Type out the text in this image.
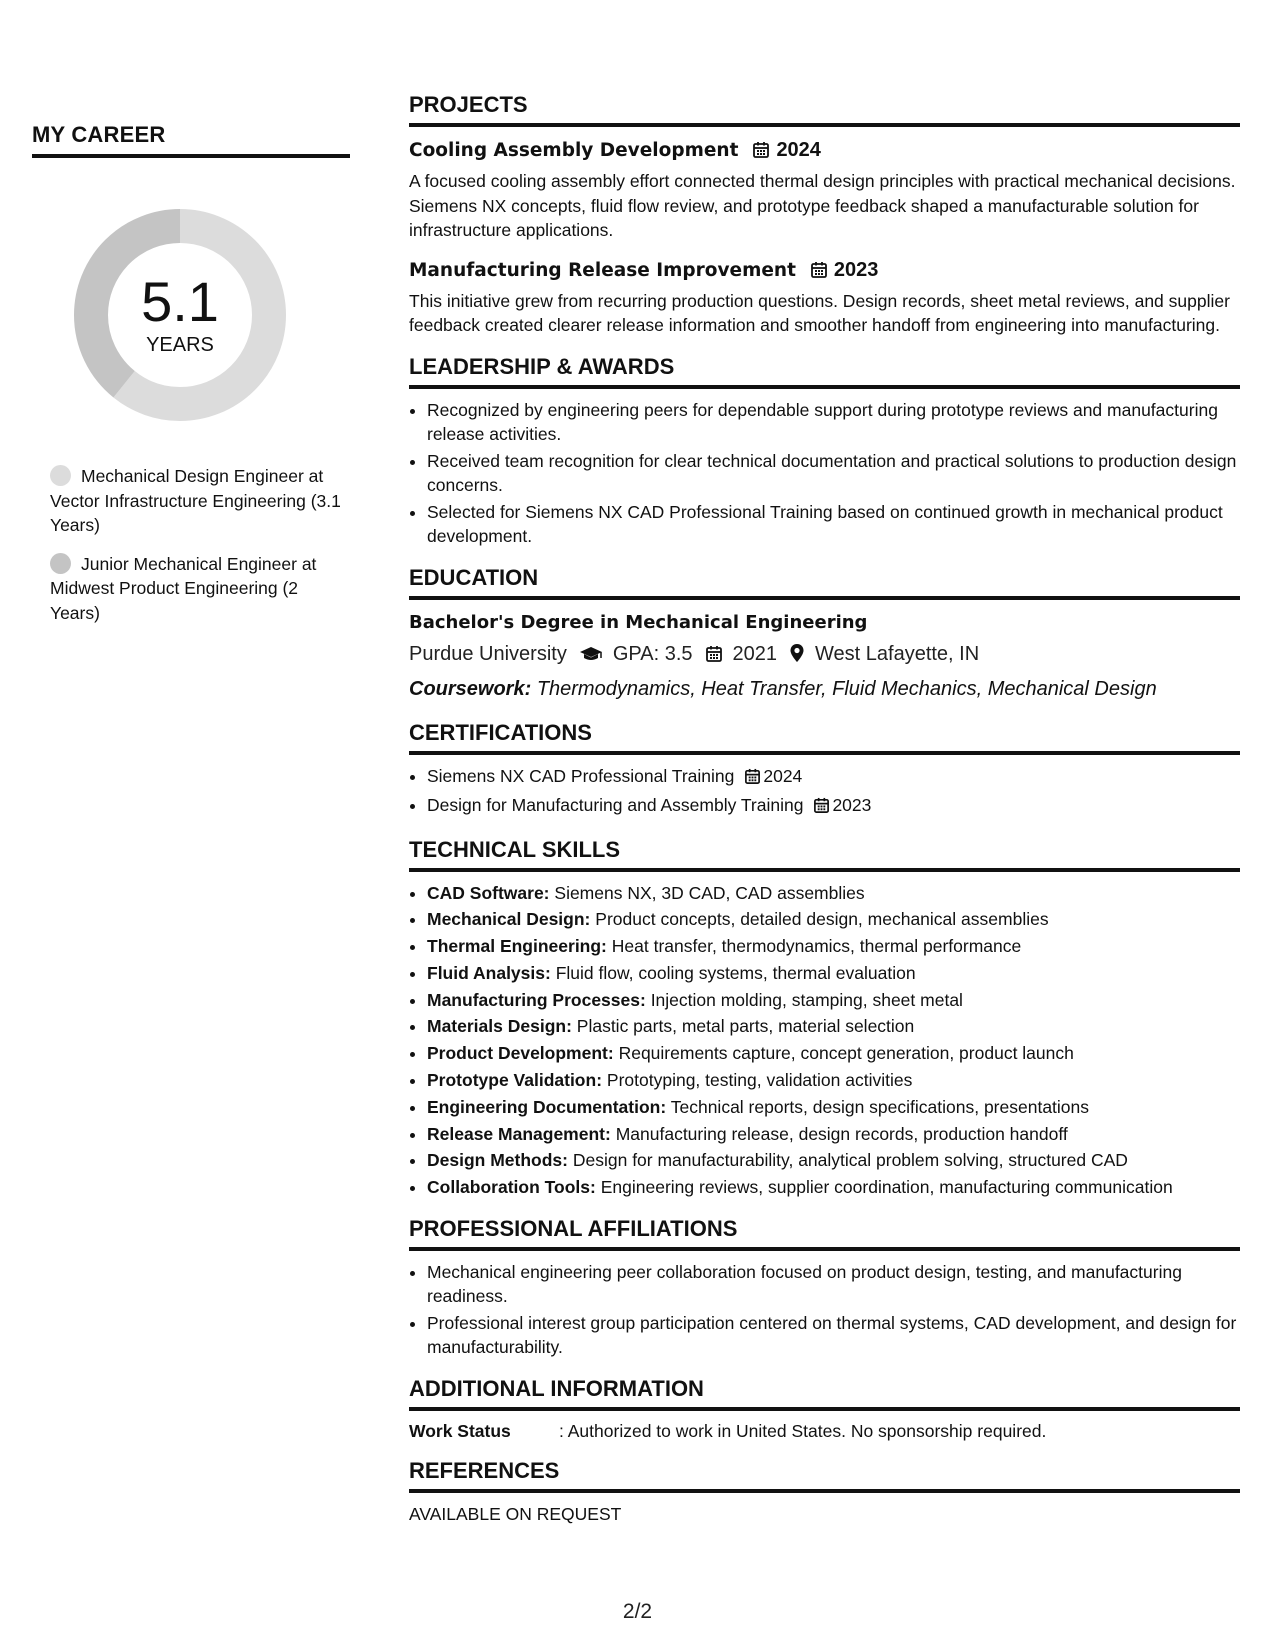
MY CAREER
5.1
YEARS
Mechanical Design Engineer at Vector Infrastructure Engineering (3.1 Years)
Junior Mechanical Engineer at Midwest Product Engineering (2 Years)
PROJECTS
Cooling Assembly Development 2024

A focused cooling assembly effort connected thermal design principles with practical mechanical decisions. Siemens NX concepts, fluid flow review, and prototype feedback shaped a manufacturable solution for infrastructure applications.

Manufacturing Release Improvement 2023

This initiative grew from recurring production questions. Design records, sheet metal reviews, and supplier feedback created clearer release information and smoother handoff from engineering into manufacturing.

LEADERSHIP & AWARDS
• Recognized by engineering peers for dependable support during prototype reviews and manufacturing release activities.
• Received team recognition for clear technical documentation and practical solutions to production design concerns.
• Selected for Siemens NX CAD Professional Training based on continued growth in mechanical product development.
EDUCATION
Bachelor's Degree in Mechanical Engineering
Purdue University GPA: 3.5 2021 West Lafayette, IN
Coursework: Thermodynamics, Heat Transfer, Fluid Mechanics, Mechanical Design
CERTIFICATIONS
• Siemens NX CAD Professional Training 2024
• Design for Manufacturing and Assembly Training 2023
TECHNICAL SKILLS
• CAD Software: Siemens NX, 3D CAD, CAD assemblies
• Mechanical Design: Product concepts, detailed design, mechanical assemblies
• Thermal Engineering: Heat transfer, thermodynamics, thermal performance
• Fluid Analysis: Fluid flow, cooling systems, thermal evaluation
• Manufacturing Processes: Injection molding, stamping, sheet metal
• Materials Design: Plastic parts, metal parts, material selection
• Product Development: Requirements capture, concept generation, product launch
• Prototype Validation: Prototyping, testing, validation activities
• Engineering Documentation: Technical reports, design specifications, presentations
• Release Management: Manufacturing release, design records, production handoff
• Design Methods: Design for manufacturability, analytical problem solving, structured CAD
• Collaboration Tools: Engineering reviews, supplier coordination, manufacturing communication
PROFESSIONAL AFFILIATIONS
• Mechanical engineering peer collaboration focused on product design, testing, and manufacturing readiness.
• Professional interest group participation centered on thermal systems, CAD development, and design for manufacturability.
ADDITIONAL INFORMATION
Work Status	: Authorized to work in United States. No sponsorship required.
REFERENCES
AVAILABLE ON REQUEST
2/2
